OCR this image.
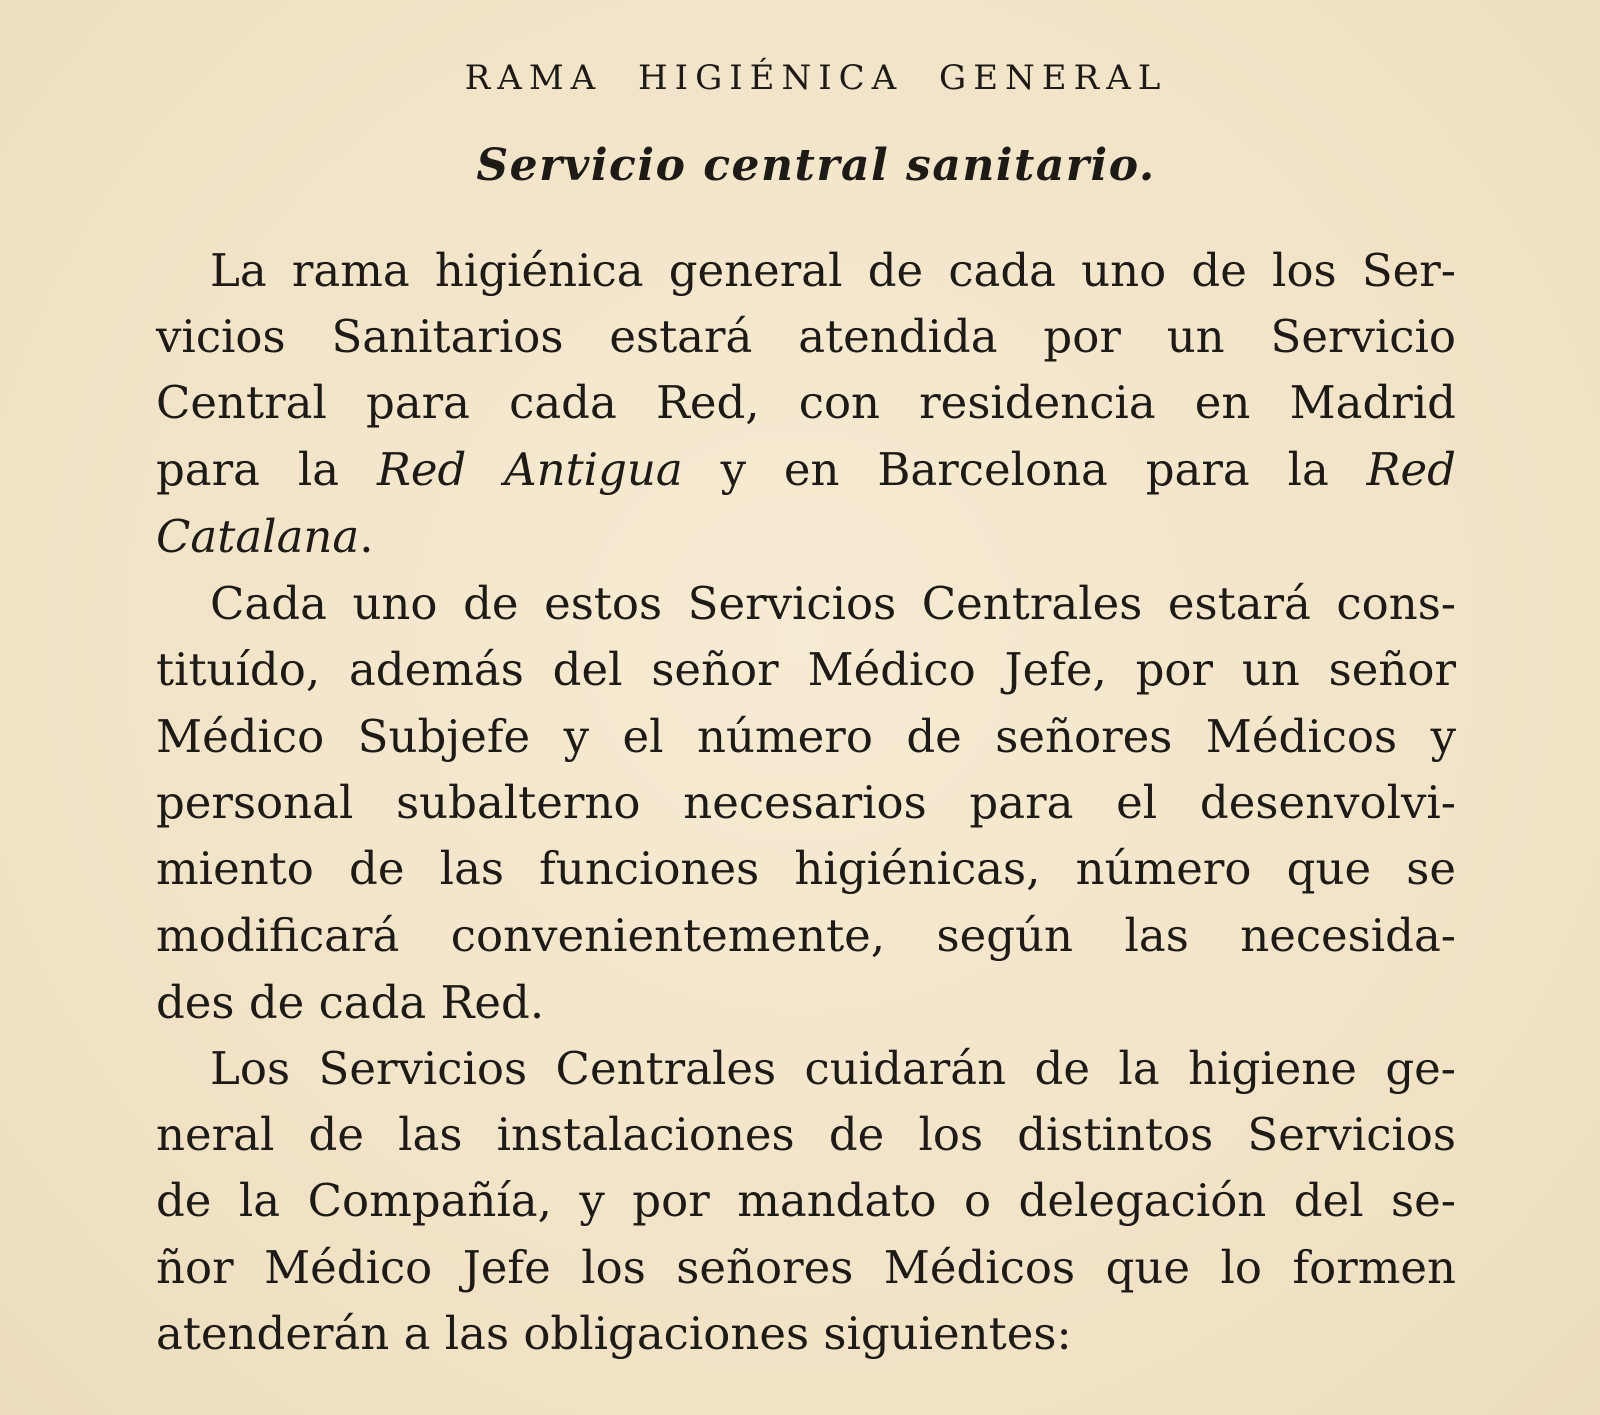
RAMA HIGIÉNICA GENERAL
Servicio central sanitario.
La rama higiénica general de cada uno de los Ser-
vicios Sanitarios estará atendida por un Servicio
Central para cada Red, con residencia en Madrid
para la Red Antigua y en Barcelona para la Red
Catalana.
Cada uno de estos Servicios Centrales estará cons-
tituído, además del señor Médico Jefe, por un señor
Médico Subjefe y el número de señores Médicos y
personal subalterno necesarios para el desenvolvi-
miento de las funciones higiénicas, número que se
modificará convenientemente, según las necesida-
des de cada Red.
Los Servicios Centrales cuidarán de la higiene ge-
neral de las instalaciones de los distintos Servicios
de la Compañía, y por mandato o delegación del se-
ñor Médico Jefe los señores Médicos que lo formen
atenderán a las obligaciones siguientes:
